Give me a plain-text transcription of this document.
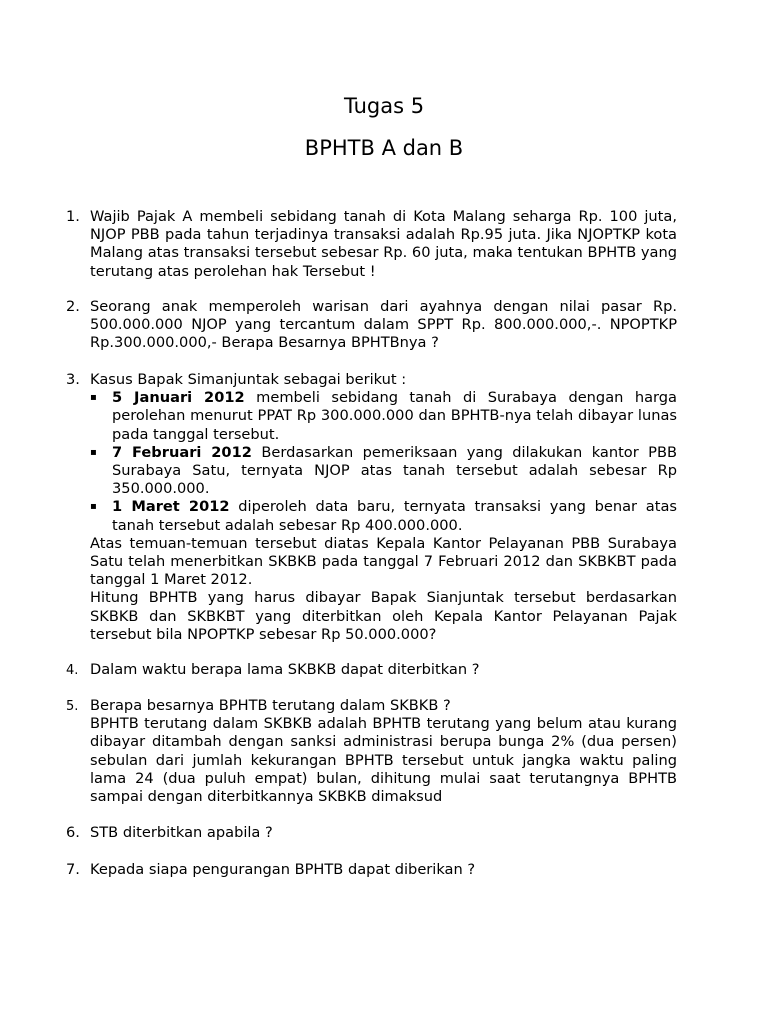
Tugas 5
BPHTB A dan B
1. Wajib Pajak A membeli sebidang tanah di Kota Malang seharga Rp. 100 juta, NJOP PBB pada tahun terjadinya transaksi adalah Rp.95 juta. Jika NJOPTKP kota Malang atas transaksi tersebut sebesar Rp. 60 juta, maka tentukan BPHTB yang terutang atas perolehan hak Tersebut !

2. Seorang anak memperoleh warisan dari ayahnya dengan nilai pasar Rp. 500.000.000 NJOP yang tercantum dalam SPPT Rp. 800.000.000,-. NPOPTKP Rp.300.000.000,- Berapa Besarnya BPHTBnya ?

3. Kasus Bapak Simanjuntak sebagai berikut :

▪ 5 Januari 2012 membeli sebidang tanah di Surabaya dengan harga perolehan menurut PPAT Rp 300.000.000 dan BPHTB-nya telah dibayar lunas pada tanggal tersebut.
▪ 7 Februari 2012 Berdasarkan pemeriksaan yang dilakukan kantor PBB Surabaya Satu, ternyata NJOP atas tanah tersebut adalah sebesar Rp 350.000.000.
▪ 1 Maret 2012 diperoleh data baru, ternyata transaksi yang benar atas tanah tersebut adalah sebesar Rp 400.000.000.

Atas temuan-temuan tersebut diatas Kepala Kantor Pelayanan PBB Surabaya Satu telah menerbitkan SKBKB pada tanggal 7 Februari 2012 dan SKBKBT pada tanggal 1 Maret 2012.

Hitung BPHTB yang harus dibayar Bapak Sianjuntak tersebut berdasarkan SKBKB dan SKBKBT yang diterbitkan oleh Kepala Kantor Pelayanan Pajak tersebut bila NPOPTKP sebesar Rp 50.000.000?

4. Dalam waktu berapa lama SKBKB dapat diterbitkan ?

5. Berapa besarnya BPHTB terutang dalam SKBKB ?

BPHTB terutang dalam SKBKB adalah BPHTB terutang yang belum atau kurang dibayar ditambah dengan sanksi administrasi berupa bunga 2% (dua persen) sebulan dari jumlah kekurangan BPHTB tersebut untuk jangka waktu paling lama 24 (dua puluh empat) bulan, dihitung mulai saat terutangnya BPHTB sampai dengan diterbitkannya SKBKB dimaksud

6. STB diterbitkan apabila ?

7. Kepada siapa pengurangan BPHTB dapat diberikan ?
